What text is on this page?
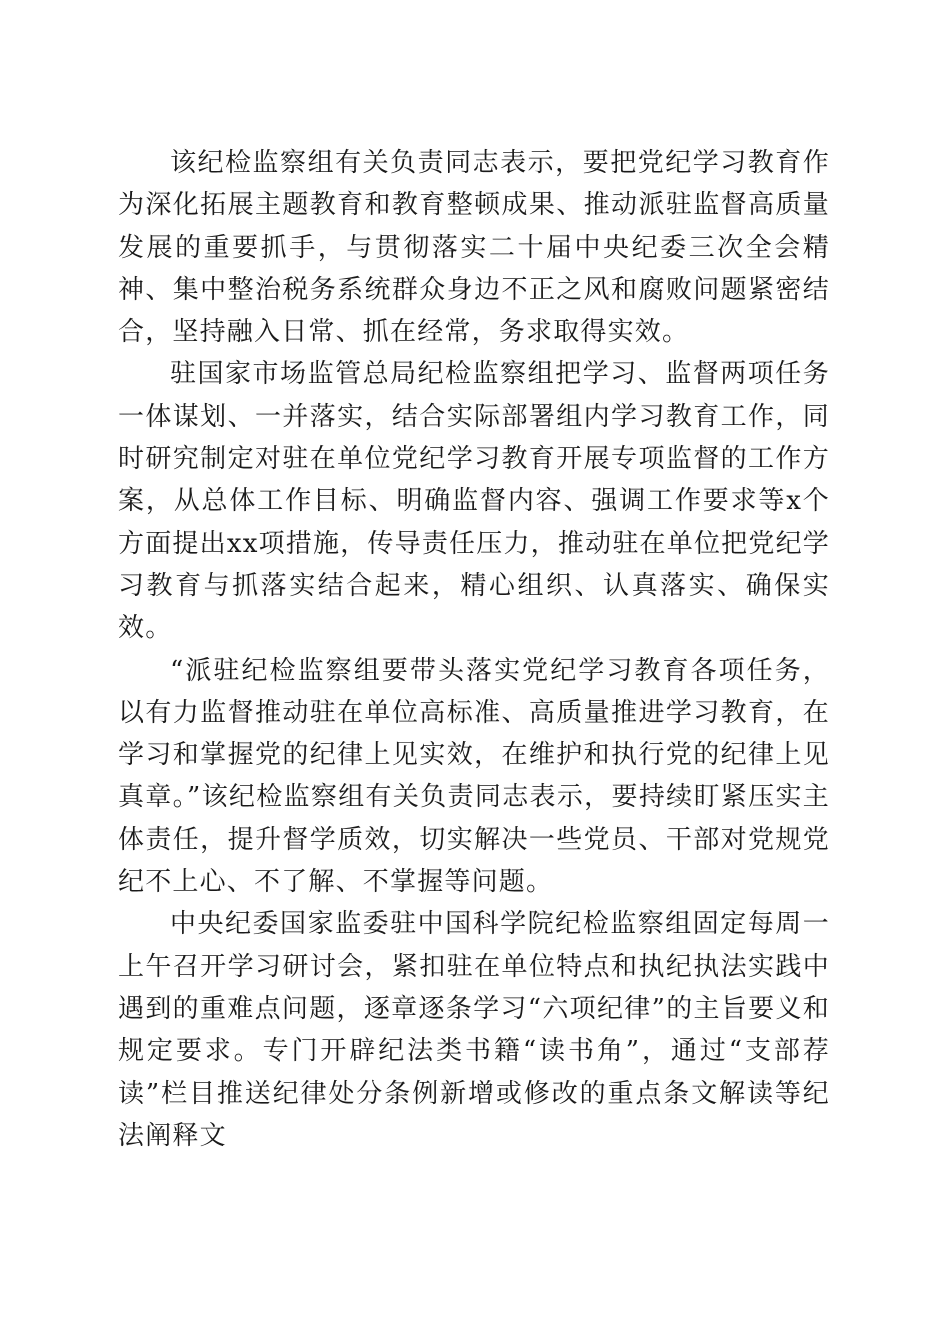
该纪检监察组有关负责同志表示，要把党纪学习教育作为深化拓展主题教育和教育整顿成果、推动派驻监督高质量发展的重要抓手，与贯彻落实二十届中央纪委三次全会精神、集中整治税务系统群众身边不正之风和腐败问题紧密结合，坚持融入日常、抓在经常，务求取得实效。

驻国家市场监管总局纪检监察组把学习、监督两项任务一体谋划、一并落实，结合实际部署组内学习教育工作，同时研究制定对驻在单位党纪学习教育开展专项监督的工作方案，从总体工作目标、明确监督内容、强调工作要求等x个方面提出xx项措施，传导责任压力，推动驻在单位把党纪学习教育与抓落实结合起来，精心组织、认真落实、确保实效。

“派驻纪检监察组要带头落实党纪学习教育各项任务，以有力监督推动驻在单位高标准、高质量推进学习教育，在学习和掌握党的纪律上见实效，在维护和执行党的纪律上见真章。”该纪检监察组有关负责同志表示，要持续盯紧压实主体责任，提升督学质效，切实解决一些党员、干部对党规党纪不上心、不了解、不掌握等问题。

中央纪委国家监委驻中国科学院纪检监察组固定每周一上午召开学习研讨会，紧扣驻在单位特点和执纪执法实践中遇到的重难点问题，逐章逐条学习“六项纪律”的主旨要义和规定要求。专门开辟纪法类书籍“读书角”，通过“支部荐读”栏目推送纪律处分条例新增或修改的重点条文解读等纪法阐释文
